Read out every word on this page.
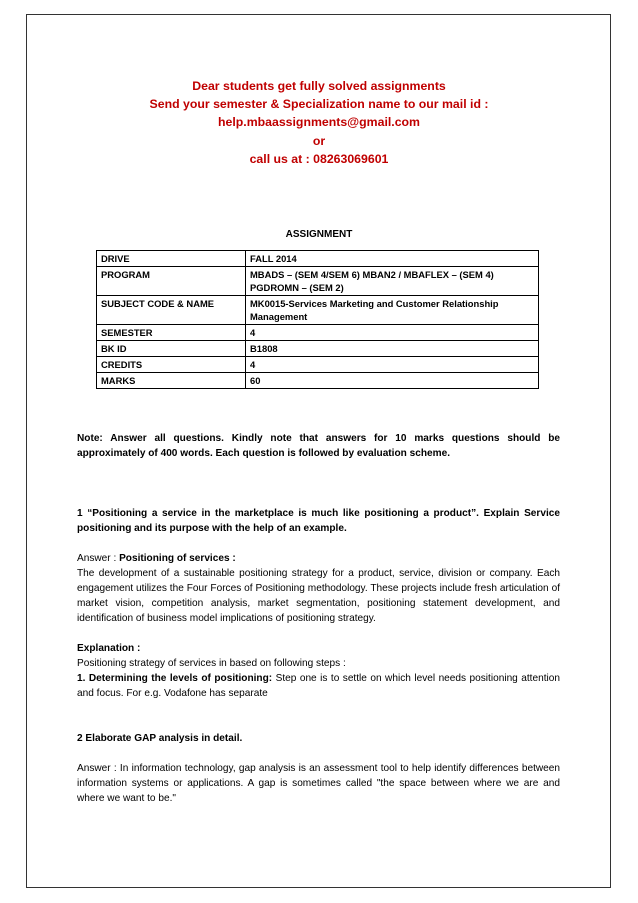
Dear students get fully solved assignments
Send your semester & Specialization name to our mail id :
help.mbaassignments@gmail.com
or
call us at : 08263069601
ASSIGNMENT
DRIVE	FALL 2014
PROGRAM	MBADS – (SEM 4/SEM 6) MBAN2 / MBAFLEX – (SEM 4) PGDROMN – (SEM 2)
SUBJECT CODE & NAME	MK0015-Services Marketing and Customer Relationship Management
SEMESTER	4
BK ID	B1808
CREDITS	4
MARKS	60

Note: Answer all questions. Kindly note that answers for 10 marks questions should be approximately of 400 words. Each question is followed by evaluation scheme.

1 “Positioning a service in the marketplace is much like positioning a product”. Explain Service positioning and its purpose with the help of an example.

Answer : Positioning of services :

The development of a sustainable positioning strategy for a product, service, division or company. Each engagement utilizes the Four Forces of Positioning methodology. These projects include fresh articulation of market vision, competition analysis, market segmentation, positioning statement development, and identification of business model implications of positioning strategy.

Explanation :

Positioning strategy of services in based on following steps :

1. Determining the levels of positioning: Step one is to settle on which level needs positioning attention and focus. For e.g. Vodafone has separate

2 Elaborate GAP analysis in detail.

Answer : In information technology, gap analysis is an assessment tool to help identify differences between information systems or applications. A gap is sometimes called "the space between where we are and where we want to be."
